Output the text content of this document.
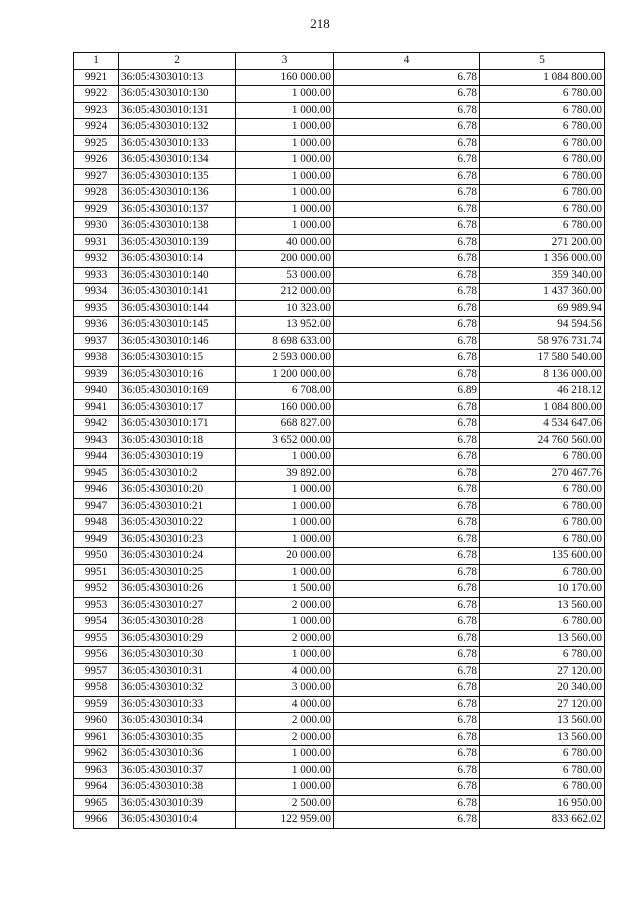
218
1	2	3	4	5
9921	36:05:4303010:13	160 000.00	6.78	1 084 800.00
9922	36:05:4303010:130	1 000.00	6.78	6 780.00
9923	36:05:4303010:131	1 000.00	6.78	6 780.00
9924	36:05:4303010:132	1 000.00	6.78	6 780.00
9925	36:05:4303010:133	1 000.00	6.78	6 780.00
9926	36:05:4303010:134	1 000.00	6.78	6 780.00
9927	36:05:4303010:135	1 000.00	6.78	6 780.00
9928	36:05:4303010:136	1 000.00	6.78	6 780.00
9929	36:05:4303010:137	1 000.00	6.78	6 780.00
9930	36:05:4303010:138	1 000.00	6.78	6 780.00
9931	36:05:4303010:139	40 000.00	6.78	271 200.00
9932	36:05:4303010:14	200 000.00	6.78	1 356 000.00
9933	36:05:4303010:140	53 000.00	6.78	359 340.00
9934	36:05:4303010:141	212 000.00	6.78	1 437 360.00
9935	36:05:4303010:144	10 323.00	6.78	69 989.94
9936	36:05:4303010:145	13 952.00	6.78	94 594.56
9937	36:05:4303010:146	8 698 633.00	6.78	58 976 731.74
9938	36:05:4303010:15	2 593 000.00	6.78	17 580 540.00
9939	36:05:4303010:16	1 200 000.00	6.78	8 136 000.00
9940	36:05:4303010:169	6 708.00	6.89	46 218.12
9941	36:05:4303010:17	160 000.00	6.78	1 084 800.00
9942	36:05:4303010:171	668 827.00	6.78	4 534 647.06
9943	36:05:4303010:18	3 652 000.00	6.78	24 760 560.00
9944	36:05:4303010:19	1 000.00	6.78	6 780.00
9945	36:05:4303010:2	39 892.00	6.78	270 467.76
9946	36:05:4303010:20	1 000.00	6.78	6 780.00
9947	36:05:4303010:21	1 000.00	6.78	6 780.00
9948	36:05:4303010:22	1 000.00	6.78	6 780.00
9949	36:05:4303010:23	1 000.00	6.78	6 780.00
9950	36:05:4303010:24	20 000.00	6.78	135 600.00
9951	36:05:4303010:25	1 000.00	6.78	6 780.00
9952	36:05:4303010:26	1 500.00	6.78	10 170.00
9953	36:05:4303010:27	2 000.00	6.78	13 560.00
9954	36:05:4303010:28	1 000.00	6.78	6 780.00
9955	36:05:4303010:29	2 000.00	6.78	13 560.00
9956	36:05:4303010:30	1 000.00	6.78	6 780.00
9957	36:05:4303010:31	4 000.00	6.78	27 120.00
9958	36:05:4303010:32	3 000.00	6.78	20 340.00
9959	36:05:4303010:33	4 000.00	6.78	27 120.00
9960	36:05:4303010:34	2 000.00	6.78	13 560.00
9961	36:05:4303010:35	2 000.00	6.78	13 560.00
9962	36:05:4303010:36	1 000.00	6.78	6 780.00
9963	36:05:4303010:37	1 000.00	6.78	6 780.00
9964	36:05:4303010:38	1 000.00	6.78	6 780.00
9965	36:05:4303010:39	2 500.00	6.78	16 950.00
9966	36:05:4303010:4	122 959.00	6.78	833 662.02
